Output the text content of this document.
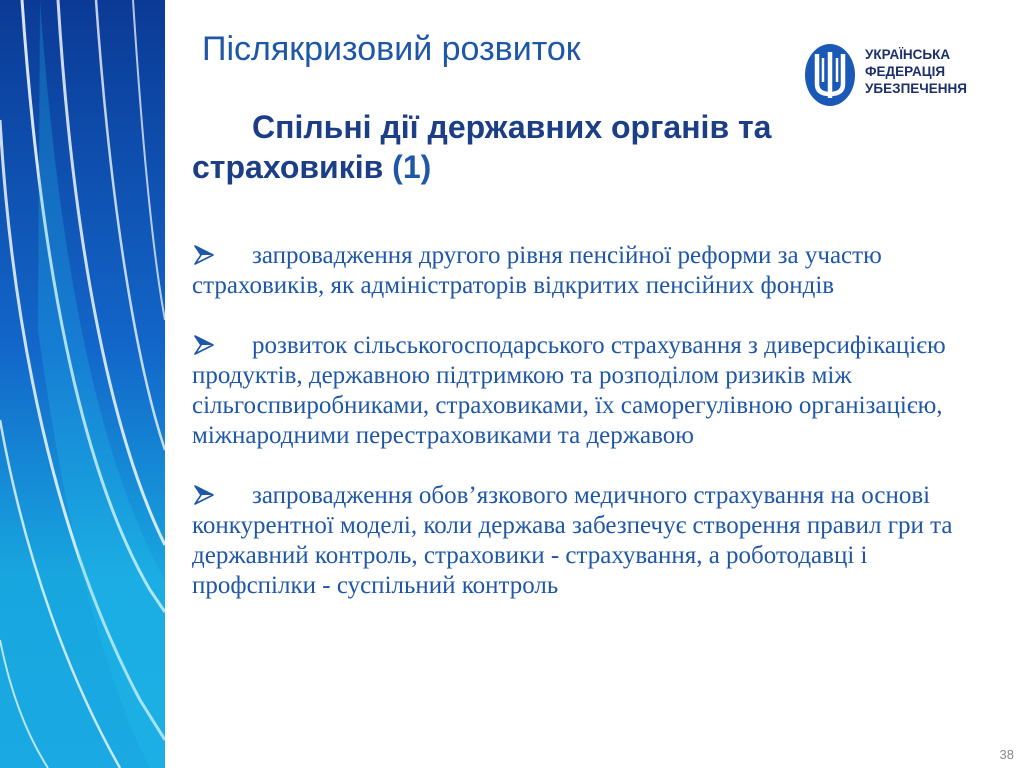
Післякризовий розвиток	УКРАЇНСЬКА
ФЕДЕРАЦІЯ
УБЕЗПЕЧЕННЯ
Спільні дії державних органів та страховиків (1)
запровадження другого рівня пенсійної реформи за участю страховиків, як адміністраторів відкритих пенсійних фондів
розвиток сільськогосподарського страхування з диверсифікацією продуктів, державною підтримкою та розподілом ризиків між сільгоспвиробниками, страховиками, їх саморегулівною організацією, міжнародними перестраховиками та державою
запровадження обов’язкового медичного страхування на основі конкурентної моделі, коли держава забезпечує створення правил гри та державний контроль, страховики - страхування, а роботодавці і профспілки - суспільний контроль
38
